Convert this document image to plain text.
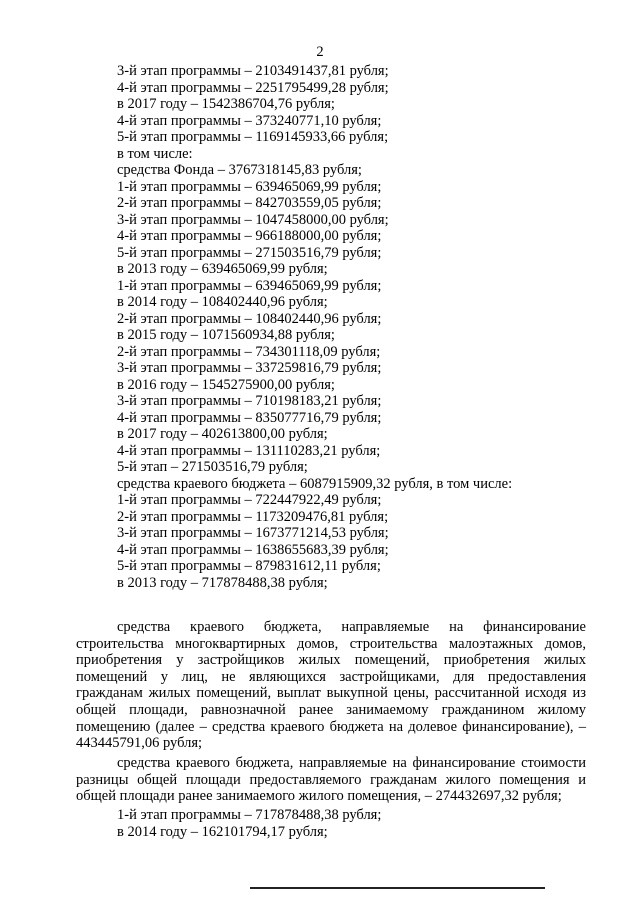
2
3-й этап программы – 2103491437,81 рубля;
4-й этап программы – 2251795499,28 рубля;
в 2017 году – 1542386704,76 рубля;
4-й этап программы – 373240771,10 рубля;
5-й этап программы – 1169145933,66 рубля;
в том числе:
средства Фонда – 3767318145,83 рубля;
1-й этап программы – 639465069,99 рубля;
2-й этап программы – 842703559,05 рубля;
3-й этап программы – 1047458000,00 рубля;
4-й этап программы – 966188000,00 рубля;
5-й этап программы – 271503516,79 рубля;
в 2013 году – 639465069,99 рубля;
1-й этап программы – 639465069,99 рубля;
в 2014 году – 108402440,96 рубля;
2-й этап программы – 108402440,96 рубля;
в 2015 году – 1071560934,88 рубля;
2-й этап программы – 734301118,09 рубля;
3-й этап программы – 337259816,79 рубля;
в 2016 году – 1545275900,00 рубля;
3-й этап программы – 710198183,21 рубля;
4-й этап программы – 835077716,79 рубля;
в 2017 году – 402613800,00 рубля;
4-й этап программы – 131110283,21 рубля;
5-й этап – 271503516,79 рубля;
средства краевого бюджета – 6087915909,32 рубля, в том числе:
1-й этап программы – 722447922,49 рубля;
2-й этап программы – 1173209476,81 рубля;
3-й этап программы – 1673771214,53 рубля;
4-й этап программы – 1638655683,39 рубля;
5-й этап программы – 879831612,11 рубля;
в 2013 году – 717878488,38 рубля;
средства краевого бюджета, направляемые на финансирование строительства многоквартирных домов, строительства малоэтажных домов, приобретения у застройщиков жилых помещений, приобретения жилых помещений у лиц, не являющихся застройщиками, для предоставления гражданам жилых помещений, выплат выкупной цены, рассчитанной исходя из общей площади, равнозначной ранее занимаемому гражданином жилому помещению (далее – средства краевого бюджета на долевое финансирование), – 443445791,06 рубля;
средства краевого бюджета, направляемые на финансирование стоимости разницы общей площади предоставляемого гражданам жилого помещения и общей площади ранее занимаемого жилого помещения, – 274432697,32 рубля;
1-й этап программы – 717878488,38 рубля;
в 2014 году – 162101794,17 рубля;
